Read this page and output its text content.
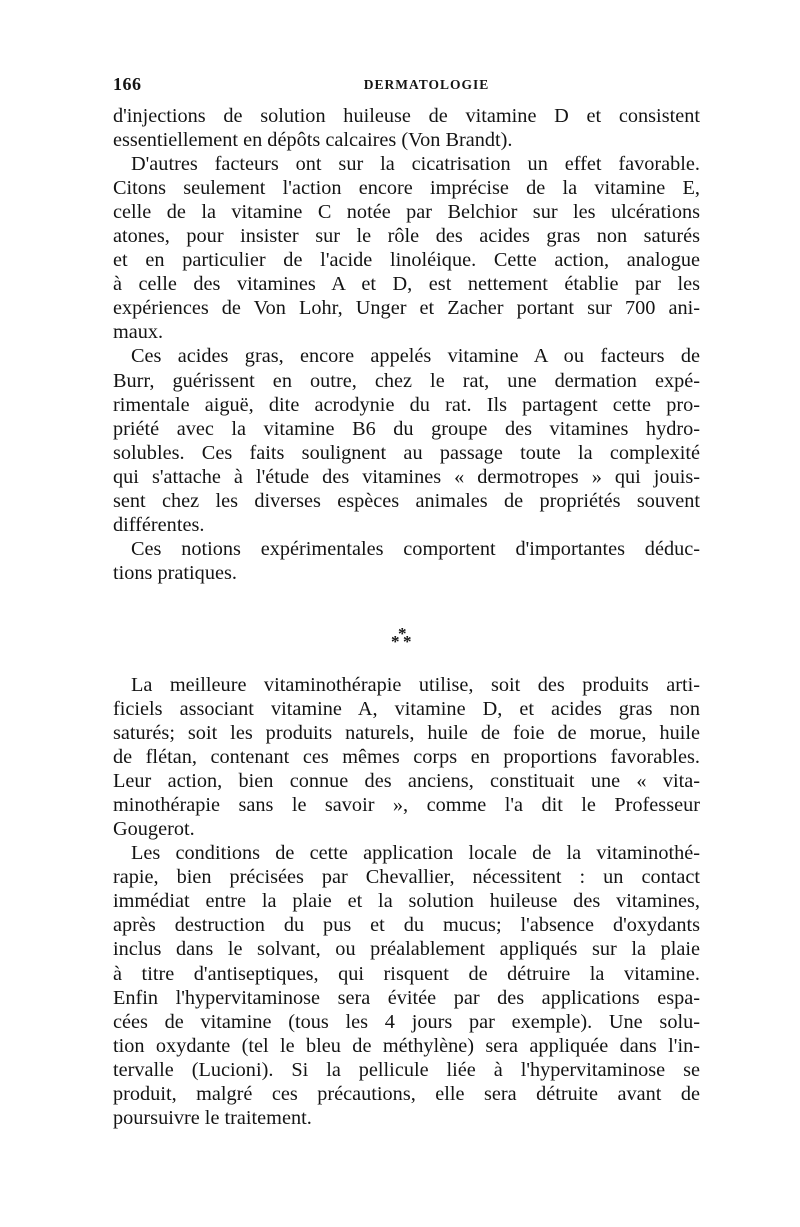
166	DERMATOLOGIE
d'injections de solution huileuse de vitamine D et consistent
essentiellement en dépôts calcaires (Von Brandt).
D'autres facteurs ont sur la cicatrisation un effet favorable.
Citons seulement l'action encore imprécise de la vitamine E,
celle de la vitamine C notée par Belchior sur les ulcérations
atones, pour insister sur le rôle des acides gras non saturés
et en particulier de l'acide linoléique. Cette action, analogue
à celle des vitamines A et D, est nettement établie par les
expériences de Von Lohr, Unger et Zacher portant sur 700 ani-
maux.
Ces acides gras, encore appelés vitamine A ou facteurs de
Burr, guérissent en outre, chez le rat, une dermation expé-
rimentale aiguë, dite acrodynie du rat. Ils partagent cette pro-
priété avec la vitamine B6 du groupe des vitamines hydro-
solubles. Ces faits soulignent au passage toute la complexité
qui s'attache à l'étude des vitamines « dermotropes » qui jouis-
sent chez les diverses espèces animales de propriétés souvent
différentes.
Ces notions expérimentales comportent d'importantes déduc-
tions pratiques.
*
* *
La meilleure vitaminothérapie utilise, soit des produits arti-
ficiels associant vitamine A, vitamine D, et acides gras non
saturés; soit les produits naturels, huile de foie de morue, huile
de flétan, contenant ces mêmes corps en proportions favorables.
Leur action, bien connue des anciens, constituait une « vita-
minothérapie sans le savoir », comme l'a dit le Professeur
Gougerot.
Les conditions de cette application locale de la vitaminothé-
rapie, bien précisées par Chevallier, nécessitent : un contact
immédiat entre la plaie et la solution huileuse des vitamines,
après destruction du pus et du mucus; l'absence d'oxydants
inclus dans le solvant, ou préalablement appliqués sur la plaie
à titre d'antiseptiques, qui risquent de détruire la vitamine.
Enfin l'hypervitaminose sera évitée par des applications espa-
cées de vitamine (tous les 4 jours par exemple). Une solu-
tion oxydante (tel le bleu de méthylène) sera appliquée dans l'in-
tervalle (Lucioni). Si la pellicule liée à l'hypervitaminose se
produit, malgré ces précautions, elle sera détruite avant de
poursuivre le traitement.
